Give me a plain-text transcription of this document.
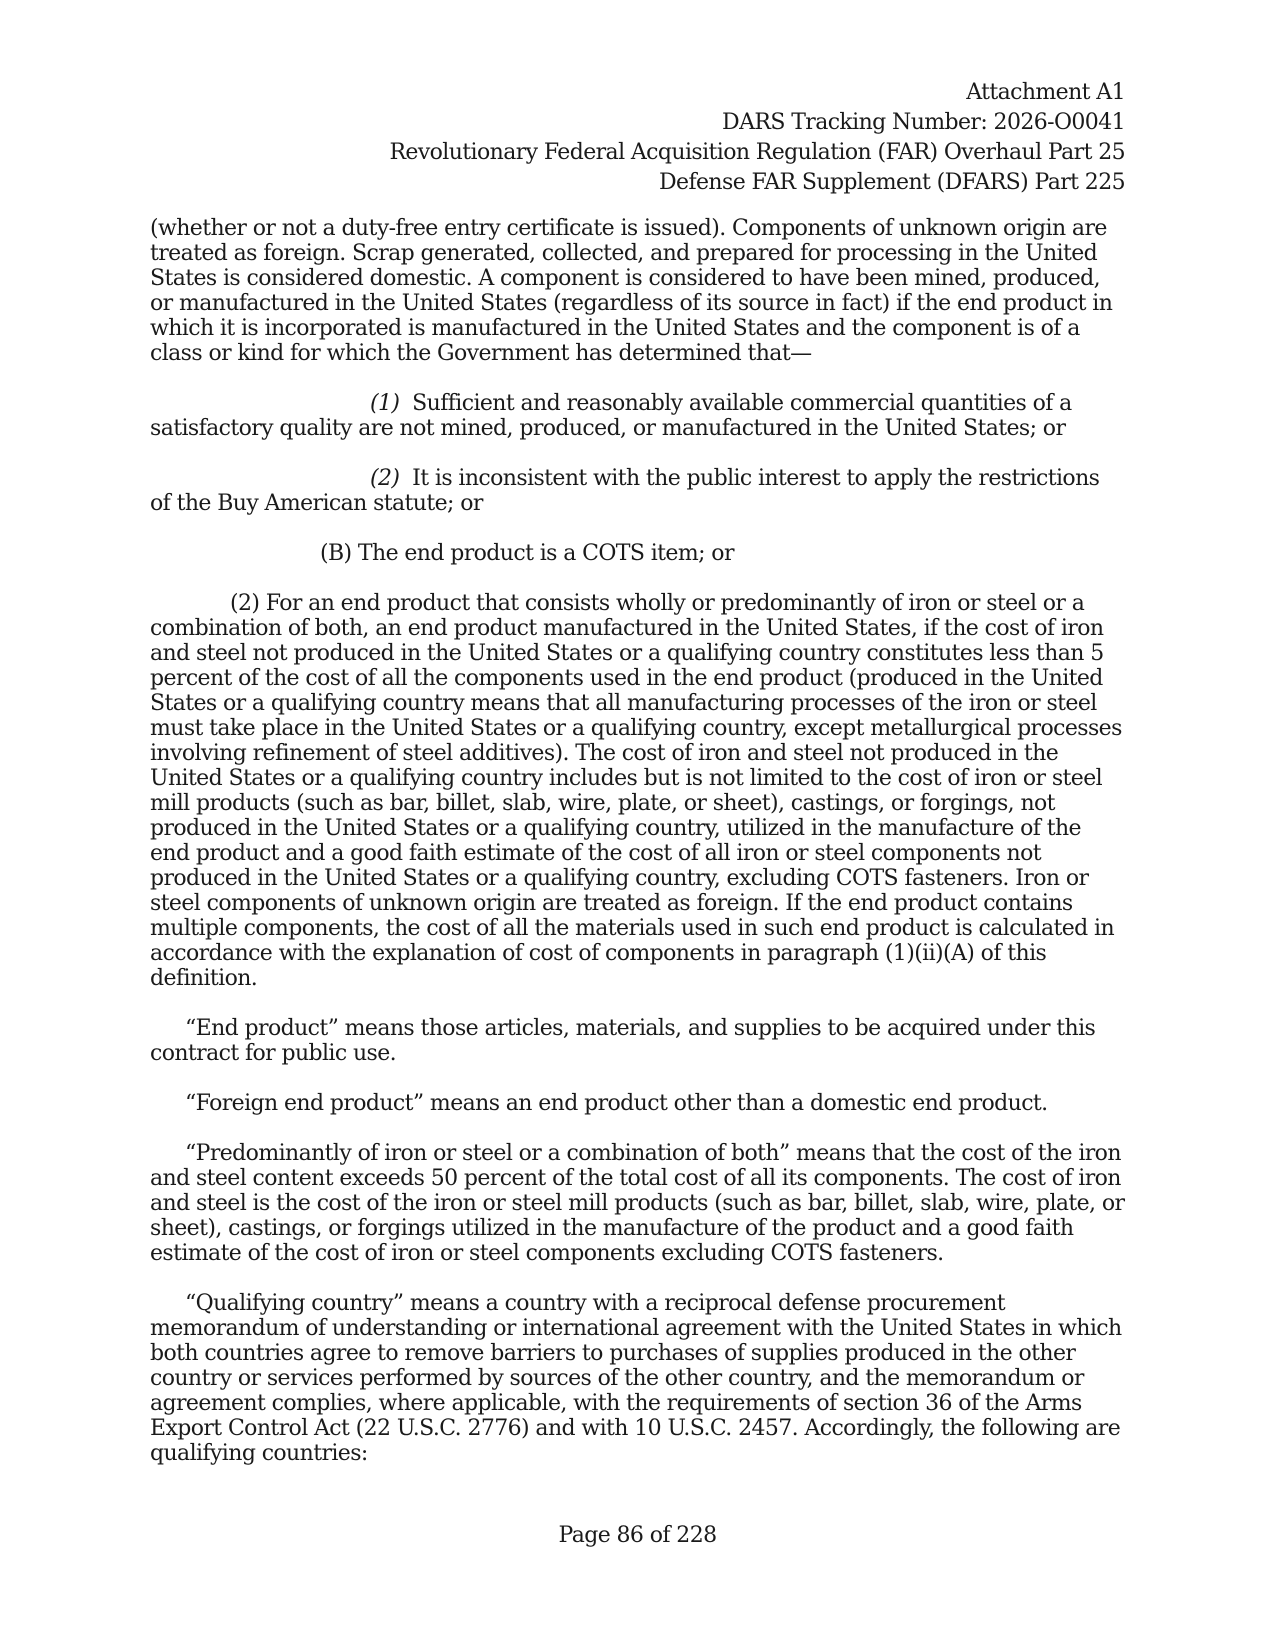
Attachment A1
DARS Tracking Number: 2026-O0041
Revolutionary Federal Acquisition Regulation (FAR) Overhaul Part 25
Defense FAR Supplement (DFARS) Part 225

(whether or not a duty-free entry certificate is issued). Components of unknown origin are treated as foreign. Scrap generated, collected, and prepared for processing in the United States is considered domestic. A component is considered to have been mined, produced, or manufactured in the United States (regardless of its source in fact) if the end product in which it is incorporated is manufactured in the United States and the component is of a class or kind for which the Government has determined that—

(1) Sufficient and reasonably available commercial quantities of a satisfactory quality are not mined, produced, or manufactured in the United States; or

(2) It is inconsistent with the public interest to apply the restrictions of the Buy American statute; or

(B) The end product is a COTS item; or

(2) For an end product that consists wholly or predominantly of iron or steel or a combination of both, an end product manufactured in the United States, if the cost of iron and steel not produced in the United States or a qualifying country constitutes less than 5 percent of the cost of all the components used in the end product (produced in the United States or a qualifying country means that all manufacturing processes of the iron or steel must take place in the United States or a qualifying country, except metallurgical processes involving refinement of steel additives). The cost of iron and steel not produced in the United States or a qualifying country includes but is not limited to the cost of iron or steel mill products (such as bar, billet, slab, wire, plate, or sheet), castings, or forgings, not produced in the United States or a qualifying country, utilized in the manufacture of the end product and a good faith estimate of the cost of all iron or steel components not produced in the United States or a qualifying country, excluding COTS fasteners. Iron or steel components of unknown origin are treated as foreign. If the end product contains multiple components, the cost of all the materials used in such end product is calculated in accordance with the explanation of cost of components in paragraph (1)(ii)(A) of this definition.

“End product” means those articles, materials, and supplies to be acquired under this contract for public use.

“Foreign end product” means an end product other than a domestic end product.

“Predominantly of iron or steel or a combination of both” means that the cost of the iron and steel content exceeds 50 percent of the total cost of all its components. The cost of iron and steel is the cost of the iron or steel mill products (such as bar, billet, slab, wire, plate, or sheet), castings, or forgings utilized in the manufacture of the product and a good faith estimate of the cost of iron or steel components excluding COTS fasteners.

“Qualifying country” means a country with a reciprocal defense procurement memorandum of understanding or international agreement with the United States in which both countries agree to remove barriers to purchases of supplies produced in the other country or services performed by sources of the other country, and the memorandum or agreement complies, where applicable, with the requirements of section 36 of the Arms Export Control Act (22 U.S.C. 2776) and with 10 U.S.C. 2457. Accordingly, the following are qualifying countries:

Page 86 of 228
